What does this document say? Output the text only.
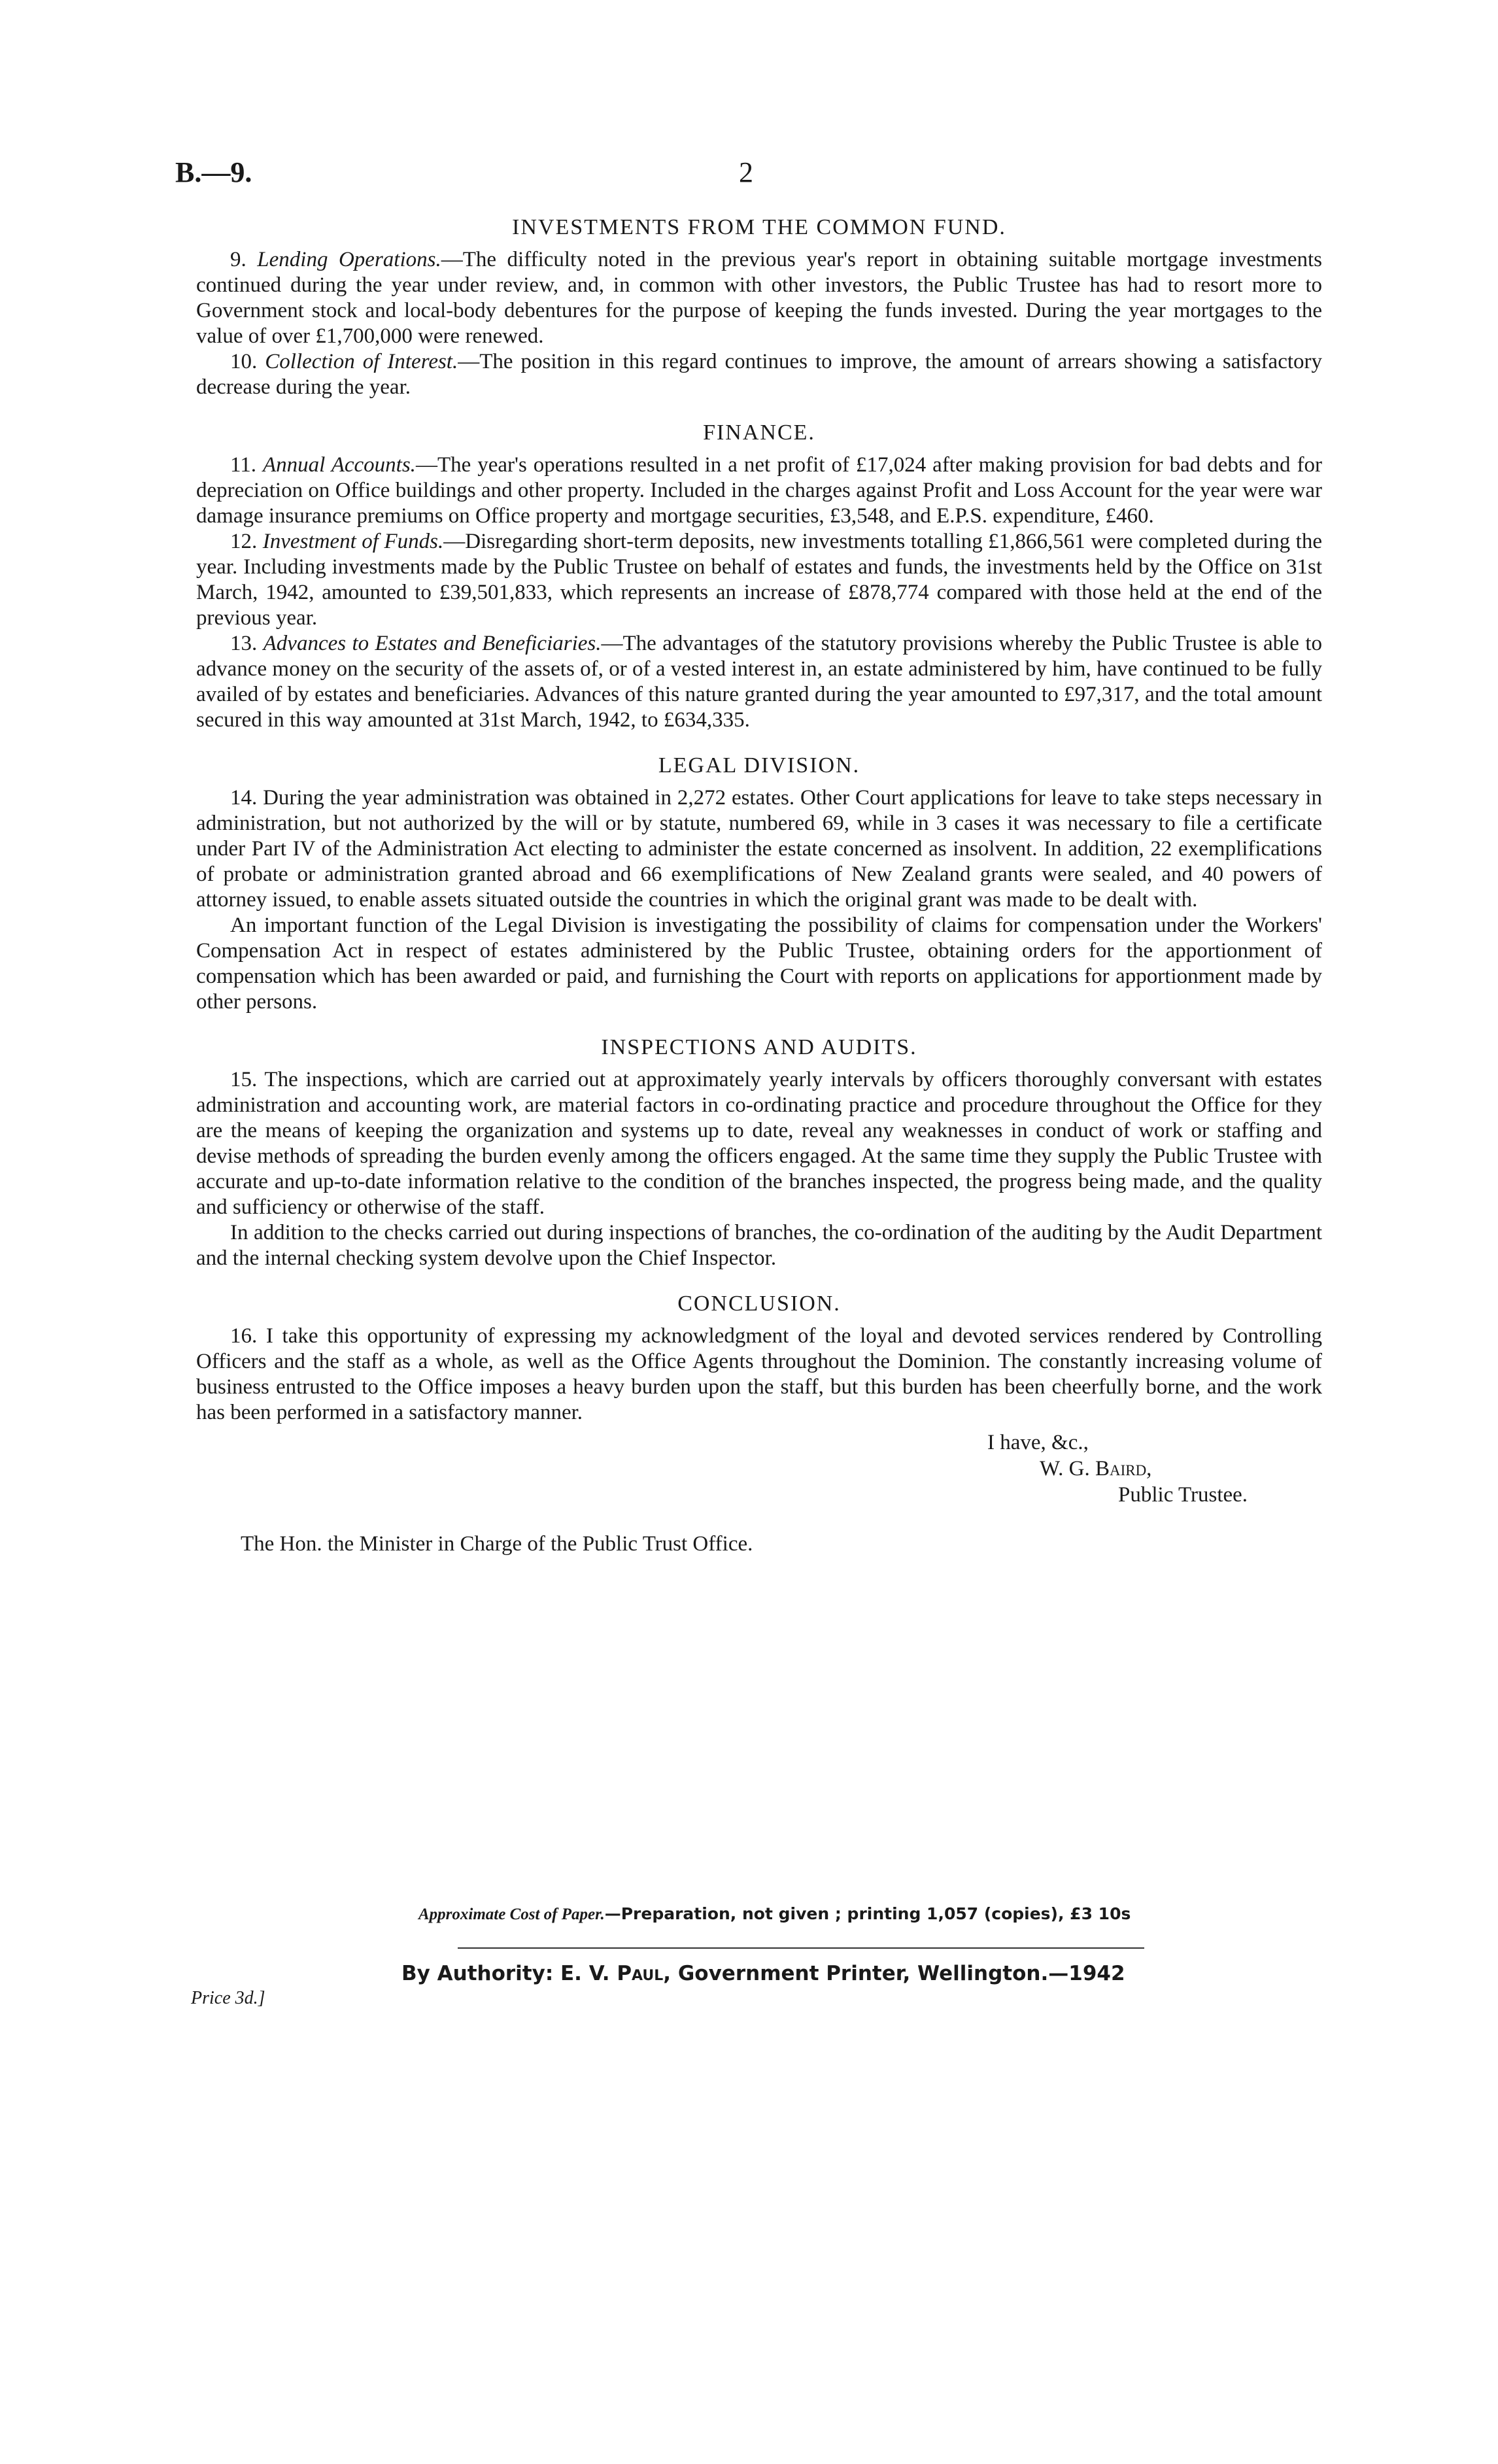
B.—9.	2
INVESTMENTS FROM THE COMMON FUND.

9. Lending Operations.—The difficulty noted in the previous year's report in obtaining suitable mortgage investments continued during the year under review, and, in common with other investors, the Public Trustee has had to resort more to Government stock and local-body debentures for the purpose of keeping the funds invested. During the year mortgages to the value of over £1,700,000 were renewed.

10. Collection of Interest.—The position in this regard continues to improve, the amount of arrears showing a satisfactory decrease during the year.

FINANCE.

11. Annual Accounts.—The year's operations resulted in a net profit of £17,024 after making provision for bad debts and for depreciation on Office buildings and other property. Included in the charges against Profit and Loss Account for the year were war damage insurance premiums on Office property and mortgage securities, £3,548, and E.P.S. expenditure, £460.

12. Investment of Funds.—Disregarding short-term deposits, new investments totalling £1,866,561 were completed during the year. Including investments made by the Public Trustee on behalf of estates and funds, the investments held by the Office on 31st March, 1942, amounted to £39,501,833, which represents an increase of £878,774 compared with those held at the end of the previous year.

13. Advances to Estates and Beneficiaries.—The advantages of the statutory provisions whereby the Public Trustee is able to advance money on the security of the assets of, or of a vested interest in, an estate administered by him, have continued to be fully availed of by estates and beneficiaries. Advances of this nature granted during the year amounted to £97,317, and the total amount secured in this way amounted at 31st March, 1942, to £634,335.

LEGAL DIVISION.

14. During the year administration was obtained in 2,272 estates. Other Court applications for leave to take steps necessary in administration, but not authorized by the will or by statute, numbered 69, while in 3 cases it was necessary to file a certificate under Part IV of the Administration Act electing to administer the estate concerned as insolvent. In addition, 22 exemplifications of probate or administration granted abroad and 66 exemplifications of New Zealand grants were sealed, and 40 powers of attorney issued, to enable assets situated outside the countries in which the original grant was made to be dealt with.

An important function of the Legal Division is investigating the possibility of claims for compensation under the Workers' Compensation Act in respect of estates administered by the Public Trustee, obtaining orders for the apportionment of compensation which has been awarded or paid, and furnishing the Court with reports on applications for apportionment made by other persons.

INSPECTIONS AND AUDITS.

15. The inspections, which are carried out at approximately yearly intervals by officers thoroughly conversant with estates administration and accounting work, are material factors in co-ordinating practice and procedure throughout the Office for they are the means of keeping the organization and systems up to date, reveal any weaknesses in conduct of work or staffing and devise methods of spreading the burden evenly among the officers engaged. At the same time they supply the Public Trustee with accurate and up-to-date information relative to the condition of the branches inspected, the progress being made, and the quality and sufficiency or otherwise of the staff.

In addition to the checks carried out during inspections of branches, the co-ordination of the auditing by the Audit Department and the internal checking system devolve upon the Chief Inspector.

CONCLUSION.

16. I take this opportunity of expressing my acknowledgment of the loyal and devoted services rendered by Controlling Officers and the staff as a whole, as well as the Office Agents throughout the Dominion. The constantly increasing volume of business entrusted to the Office imposes a heavy burden upon the staff, but this burden has been cheerfully borne, and the work has been performed in a satisfactory manner.

I have, &c.,
W. G. Baird,
Public Trustee.
The Hon. the Minister in Charge of the Public Trust Office.
Approximate Cost of Paper.—Preparation, not given ; printing 1,057 (copies), £3 10s
By Authority: E. V. Paul, Government Printer, Wellington.—1942
Price 3d.]
